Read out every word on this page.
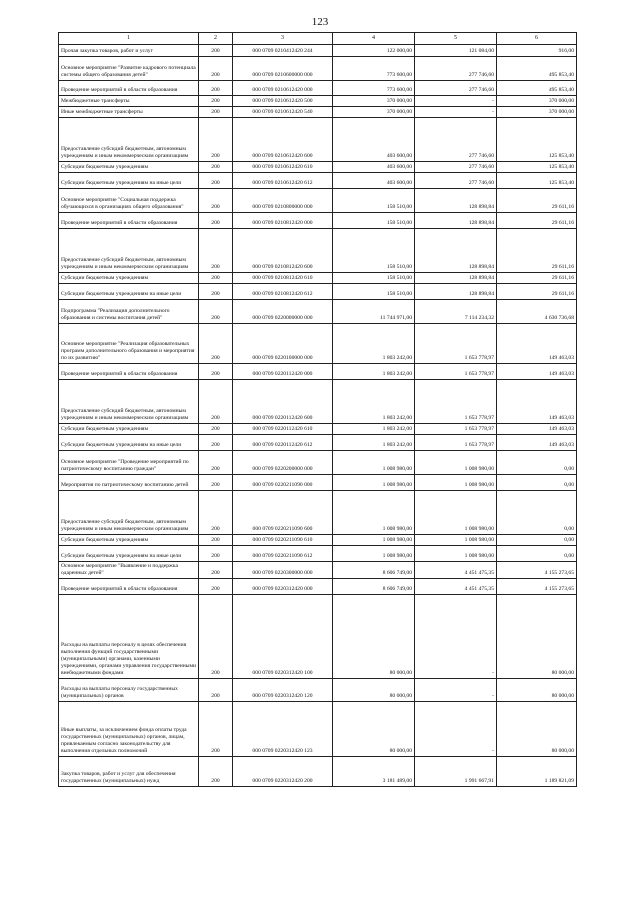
123
1	2	3	4	5	6
Прочая закупка товаров, работ и услуг	200	000 0709 0210412420 244	122 000,00	121 084,00	916,00
Основное мероприятие "Развитие кадрового потенциала системы общего образования детей"	200	000 0709 0210600000 000	773 600,00	277 746,60	495 853,40
Проведение мероприятий в области образования	200	000 0709 0210612420 000	773 600,00	277 746,60	495 853,40
Межбюджетные трансферты	200	000 0709 0210612420 500	370 000,00	-	370 000,00
Иные межбюджетные трансферты	200	000 0709 0210612420 540	370 000,00	-	370 000,00
Предоставление субсидий бюджетным, автономным учреждениям и иным некоммерческим организациям	200	000 0709 0210612420 600	403 600,00	277 746,60	125 853,40
Субсидии бюджетным учреждениям	200	000 0709 0210612420 610	403 600,00	277 746,60	125 853,40
Субсидии бюджетным учреждениям на иные цели	200	000 0709 0210612420 612	403 600,00	277 746,60	125 853,40
Основное мероприятие "Социальная поддержка обучающихся в организациях общего образования"	200	000 0709 0210800000 000	158 510,00	128 898,84	29 611,16
Проведение мероприятий в области образования	200	000 0709 0210812420 000	158 510,00	128 898,84	29 611,16
Предоставление субсидий бюджетным, автономным учреждениям и иным некоммерческим организациям	200	000 0709 0210812420 600	158 510,00	128 898,84	29 611,16
Субсидии бюджетным учреждениям	200	000 0709 0210812420 610	158 510,00	128 898,84	29 611,16
Субсидии бюджетным учреждениям на иные цели	200	000 0709 0210812420 612	158 510,00	128 898,84	29 611,16
Подпрограмма "Реализация дополнительного образования и системы воспитания детей"	200	000 0709 0220000000 000	11 744 971,00	7 114 234,32	4 630 736,68
Основное мероприятие "Реализация образовательных программ дополнительного образования и мероприятия по их развитию"	200	000 0709 0220100000 000	1 803 242,00	1 653 778,97	149 463,03
Проведение мероприятий в области образования	200	000 0709 0220112420 000	1 803 242,00	1 653 778,97	149 463,03
Предоставление субсидий бюджетным, автономным учреждениям и иным некоммерческим организациям	200	000 0709 0220112420 600	1 803 242,00	1 653 778,97	149 463,03
Субсидии бюджетным учреждениям	200	000 0709 0220112420 610	1 803 242,00	1 653 778,97	149 463,03
Субсидии бюджетным учреждениям на иные цели	200	000 0709 0220112420 612	1 803 242,00	1 653 778,97	149 463,03
Основное мероприятие "Проведение мероприятий по патриотическому воспитанию граждан"	200	000 0709 0220200000 000	1 008 980,00	1 008 980,00	0,00
Мероприятия по патриотическому воспитанию детей	200	000 0709 0220211090 000	1 008 980,00	1 008 980,00	0,00
Предоставление субсидий бюджетным, автономным учреждениям и иным некоммерческим организациям	200	000 0709 0220211090 600	1 008 980,00	1 008 980,00	0,00
Субсидии бюджетным учреждениям	200	000 0709 0220211090 610	1 008 980,00	1 008 980,00	0,00
Субсидии бюджетным учреждениям на иные цели	200	000 0709 0220211090 612	1 008 980,00	1 008 980,00	0,00
Основное мероприятие "Выявление и поддержка одаренных детей"	200	000 0709 0220300000 000	8 606 749,00	4 451 475,35	4 155 273,65
Проведение мероприятий в области образования	200	000 0709 0220312420 000	8 606 749,00	4 451 475,35	4 155 273,65
Расходы на выплаты персоналу в целях обеспечения выполнения функций государственными (муниципальными) органами, казенными учреждениями, органами управления государственными внебюджетными фондами	200	000 0709 0220312420 100	80 000,00	-	80 000,00
Расходы на выплаты персоналу государственных (муниципальных) органов	200	000 0709 0220312420 120	80 000,00	-	80 000,00
Иные выплаты, за исключением фонда оплаты труда государственных (муниципальных) органов, лицам, привлекаемым согласно законодательству для выполнения отдельных полномочий	200	000 0709 0220312420 123	80 000,00	-	80 000,00
Закупка товаров, работ и услуг для обеспечения государственных (муниципальных) нужд	200	000 0709 0220312420 200	3 181 489,00	1 991 667,91	1 189 821,09
